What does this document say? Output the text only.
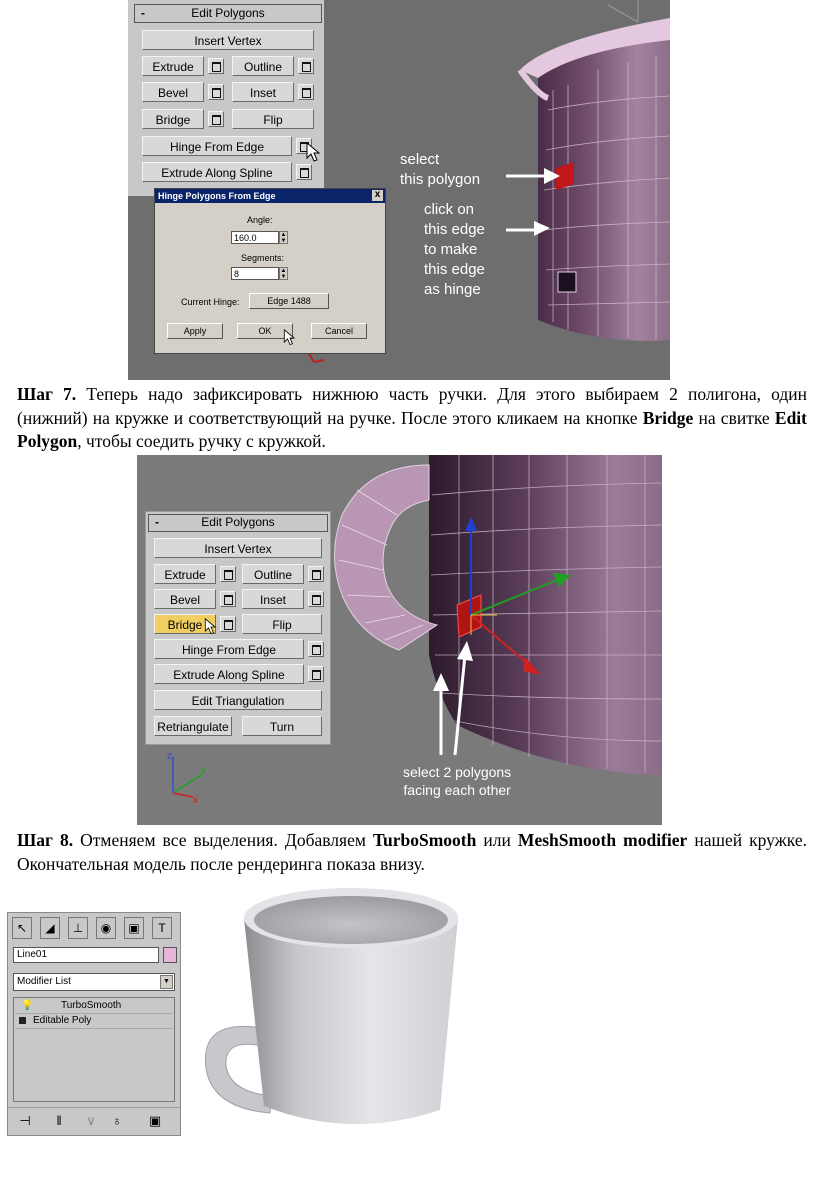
-	Edit Polygons
Insert Vertex
Extrude	Outline
Bevel	Inset
Bridge	Flip
Hinge From Edge
Extrude Along Spline
Hinge Polygons From Edge	x
Angle:
160.0	▲
▼
Segments:
8	▲
▼
Current Hinge:	Edge 1488
Apply	OK	Cancel
select
this polygon
click on
this edge
to make
this edge
as hinge
Шаг 7. Теперь надо зафиксировать нижнюю часть ручки. Для этого выбираем 2 полигона, один (нижний) на кружке и соответствующий на ручке. После этого кликаем на кнопке Bridge на свитке Edit Polygon, чтобы соедить ручку с кружкой.
z
y
x
-	Edit Polygons
Insert Vertex
Extrude	Outline
Bevel	Inset
Bridge	Flip
Hinge From Edge
Extrude Along Spline
Edit Triangulation
Retriangulate	Turn
select 2 polygons
facing each other
Шаг 8. Отменяем все выделения. Добавляем TurboSmooth или MeshSmooth modifier нашей кружке. Окончательная модель после рендеринга показа внизу.
↖	◢	⊥	◉	▣	T
Line01
Modifier List	▼
💡	TurboSmooth
Editable Poly
⊣	‖	∨	♁	▣
